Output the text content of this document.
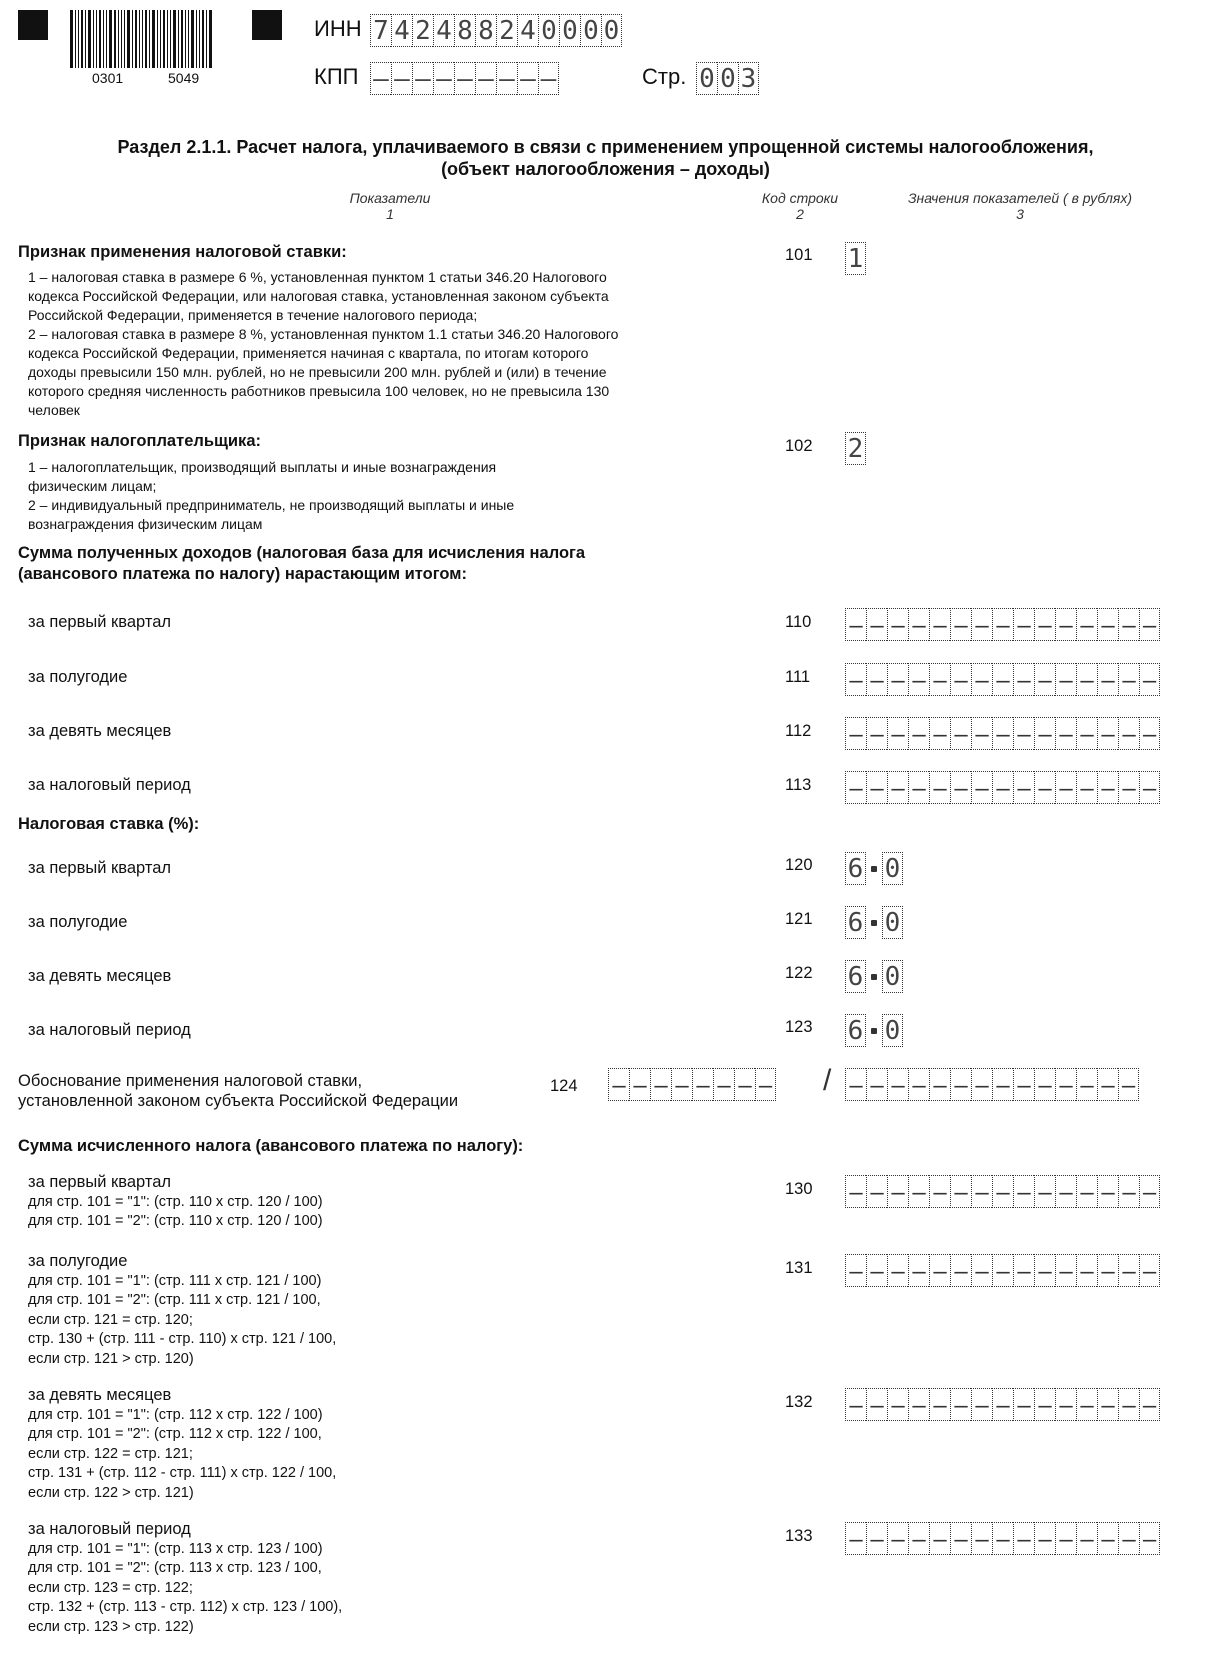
0301	5049
ИНН 7 4 2 4 8 8 2 4 0 0 0 0
КПП – – – – – – – – –	Стр. 0 0 3
Раздел 2.1.1. Расчет налога, уплачиваемого в связи с применением упрощенной системы налогообложения,
(объект налогообложения – доходы)
Показатели
1
Код строки
2
Значения показателей ( в рублях)
3
Признак применения налоговой ставки:
1 – налоговая ставка в размере 6 %, установленная пунктом 1 статьи 346.20 Налогового
кодекса Российской Федерации, или налоговая ставка, установленная законом субъекта
Российской Федерации, применяется в течение налогового периода;
2 – налоговая ставка в размере 8 %, установленная пунктом 1.1 статьи 346.20 Налогового
кодекса Российской Федерации, применяется начиная с квартала, по итогам которого
доходы превысили 150 млн. рублей, но не превысили 200 млн. рублей и (или) в течение
которого средняя численность работников превысила 100 человек, но не превысила 130
человек
101 1
Признак налогоплательщика:
1 – налогоплательщик, производящий выплаты и иные вознаграждения
физическим лицам;
2 – индивидуальный предприниматель, не производящий выплаты и иные
вознаграждения физическим лицам
102 2
Сумма полученных доходов (налоговая база для исчисления налога
(авансового платежа по налогу) нарастающим итогом:
за первый квартал	110 – – – – – – – – – – – – – – –
за полугодие	111 – – – – – – – – – – – – – – –
за девять месяцев	112 – – – – – – – – – – – – – – –
за налоговый период	113 – – – – – – – – – – – – – – –
Налоговая ставка (%):
за первый квартал	120 6 0
за полугодие	121 6 0
за девять месяцев	122 6 0
за налоговый период	123 6 0
Обоснование применения налоговой ставки,
установленной законом субъекта Российской Федерации
124 – – – – – – – – / – – – – – – – – – – – – – –
Сумма исчисленного налога (авансового платежа по налогу):
за первый квартал
для стр. 101 = "1": (стр. 110 х стр. 120 / 100)
для стр. 101 = "2": (стр. 110 х стр. 120 / 100)
130 – – – – – – – – – – – – – – –
за полугодие
для стр. 101 = "1": (стр. 111 х стр. 121 / 100)
для стр. 101 = "2": (стр. 111 х стр. 121 / 100,
если стр. 121 = стр. 120;
стр. 130 + (стр. 111 - стр. 110) х стр. 121 / 100,
если стр. 121 > стр. 120)
131 – – – – – – – – – – – – – – –
за девять месяцев
для стр. 101 = "1": (стр. 112 х стр. 122 / 100)
для стр. 101 = "2": (стр. 112 х стр. 122 / 100,
если стр. 122 = стр. 121;
стр. 131 + (стр. 112 - стр. 111) х стр. 122 / 100,
если стр. 122 > стр. 121)
132 – – – – – – – – – – – – – – –
за налоговый период
для стр. 101 = "1": (стр. 113 х стр. 123 / 100)
для стр. 101 = "2": (стр. 113 х стр. 123 / 100,
если стр. 123 = стр. 122;
стр. 132 + (стр. 113 - стр. 112) х стр. 123 / 100),
если стр. 123 > стр. 122)
133 – – – – – – – – – – – – – – –
